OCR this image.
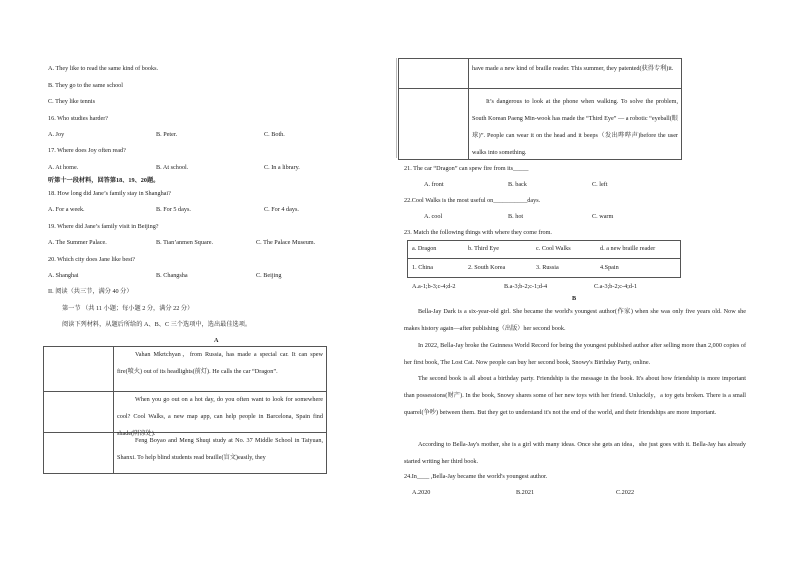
A. They like to read the same kind of books.
B. They go to the same school
C. They like tennis
16. Who studies harder?
A. Joy	B. Peter.	C. Both.
17. Where does Joy often read?
A. At home.	B. At school.	C. In a library.
听第十一段材料，回答第18、19、20题。
18. How long did Jane’s family stay in Shanghai?
A. For a week.	B. For 5 days.	C. For 4 days.
19. Where did Jane’s family visit in Beijing?
A. The Summer Palace.	B. Tian’anmen Square.	C. The Palace Museum.
20. Which city does Jane like best?
A. Shanghai	B. Changsha	C. Beijing
II. 阅读（共三节，满分 40 分）
第一节 （共 11 小题；每小题 2 分，满分 22 分）
阅读下列材料，从题后所给的 A、B、C 三个选项中，选出最佳选项。
A
Vahan Mkrtchyan，from Russia, has made a special car. It can spew fire(喷火) out of its headlights(前灯). He calls the car “Dragon”.
When you go out on a hot day, do you often want to look for somewhere cool? Cool Walks, a new map app, can help people in Barcelona, Spain find shade(阴凉处).
Feng Boyao and Meng Shuqi study at No. 37 Middle School in Taiyuan, Shanxi. To help blind students read braille(盲文)easily, they
have made a new kind of braille reader. This summer, they patented(获得专利)it.
It’s dangerous to look at the phone when walking. To solve the problem, South Korean Paeng Min-wook has made the “Third Eye” — a robotic “eyeball(眼球)”. People can wear it on the head and it beeps（发出哔哔声)before the user walks into something.
21. The car “Dragon” can spew fire from its_____
A. front	B. back	C. left
22.Cool Walks is the most useful on___________days.
A. cool	B. hot	C. warm
23. Match the following things with where they come from.
a. Dragon	b. Third Eye	c. Cool Walks	d. a new braille reader
1. China	2. South Korea	3. Russia	4.Spain
A.a-1;b-3;c-4;d-2	B.a-3;b-2;c-1;d-4	C.a-3;b-2;c-4;d-1
B
Bella-Jay Dark is a six-year-old girl. She became the world's youngest author(作家) when she was only five years old. Now she makes history again—after publishing（出版）her second book.
In 2022, Bella-Jay broke the Guinness World Record for being the youngest published author after selling more than 2,000 copies of her first book, The Lost Cat. Now people can buy her second book, Snowy's Birthday Party, online.
The second book is all about a birthday party. Friendship is the message in the book. It's about how friendship is more important than possessions(财产). In the book, Snowy shares some of her new toys with her friend. Unluckily，a toy gets broken. There is a small quarrel(争吵) between them. But they get to understand it's not the end of the world, and their friendships are more important.
According to Bella-Jay's mother, she is a girl with many ideas. Once she gets an idea，she just goes with it. Bella-Jay has already started writing her third book.
24.In____ ,Bella-Jay became the world's youngest author.
A.2020	B.2021	C.2022
